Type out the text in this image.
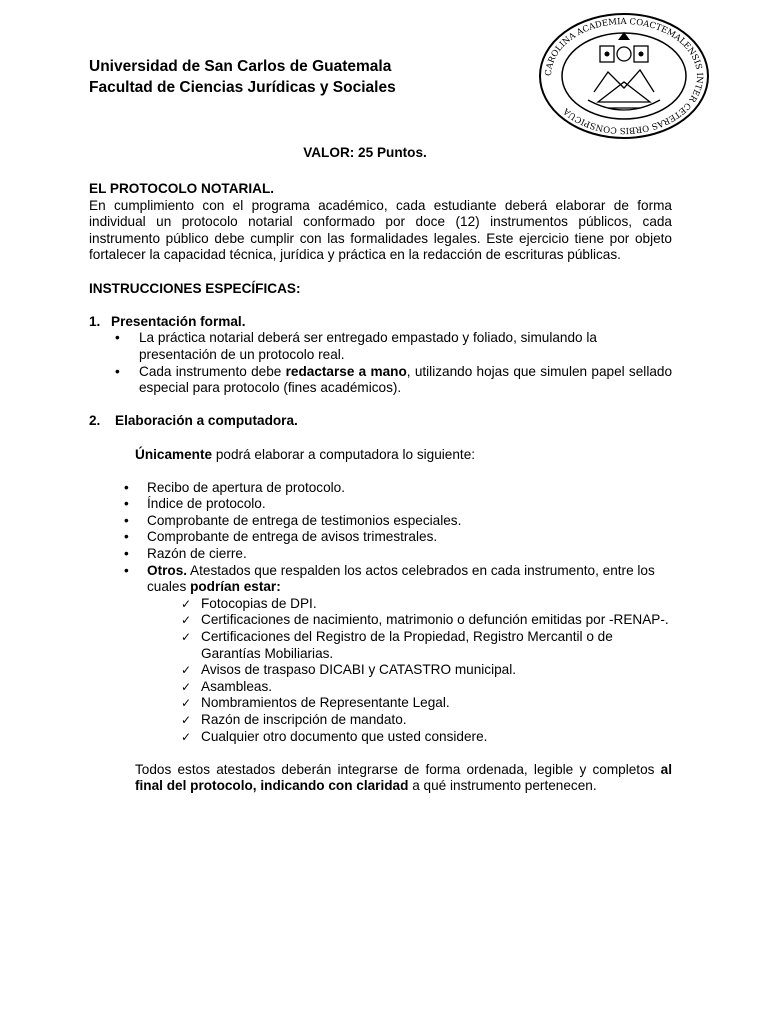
Universidad de San Carlos de Guatemala
Facultad de Ciencias Jurídicas y Sociales
CAROLINA ACADEMIA COACTEMALENSIS INTER CETERAS ORBIS CONSPICUA
VALOR: 25 Puntos.

EL PROTOCOLO NOTARIAL.

En cumplimiento con el programa académico, cada estudiante deberá elaborar de forma individual un protocolo notarial conformado por doce (12) instrumentos públicos, cada instrumento público debe cumplir con las formalidades legales. Este ejercicio tiene por objeto fortalecer la capacidad técnica, jurídica y práctica en la redacción de escrituras públicas.

INSTRUCCIONES ESPECÍFICAS:

1. Presentación formal.
• La práctica notarial deberá ser entregado empastado y foliado, simulando la presentación de un protocolo real.
• Cada instrumento debe redactarse a mano, utilizando hojas que simulen papel sellado especial para protocolo (fines académicos).
2.	Elaboración a computadora.

Únicamente podrá elaborar a computadora lo siguiente:

• Recibo de apertura de protocolo.
• Índice de protocolo.
• Comprobante de entrega de testimonios especiales.
• Comprobante de entrega de avisos trimestrales.
• Razón de cierre.
• Otros. Atestados que respalden los actos celebrados en cada instrumento, entre los cuales podrían estar:
✓ Fotocopias de DPI.
✓ Certificaciones de nacimiento, matrimonio o defunción emitidas por -RENAP-.
✓ Certificaciones del Registro de la Propiedad, Registro Mercantil o de Garantías Mobiliarias.
✓ Avisos de traspaso DICABI y CATASTRO municipal.
✓ Asambleas.
✓ Nombramientos de Representante Legal.
✓ Razón de inscripción de mandato.
✓ Cualquier otro documento que usted considere.

Todos estos atestados deberán integrarse de forma ordenada, legible y completos al final del protocolo, indicando con claridad a qué instrumento pertenecen.
